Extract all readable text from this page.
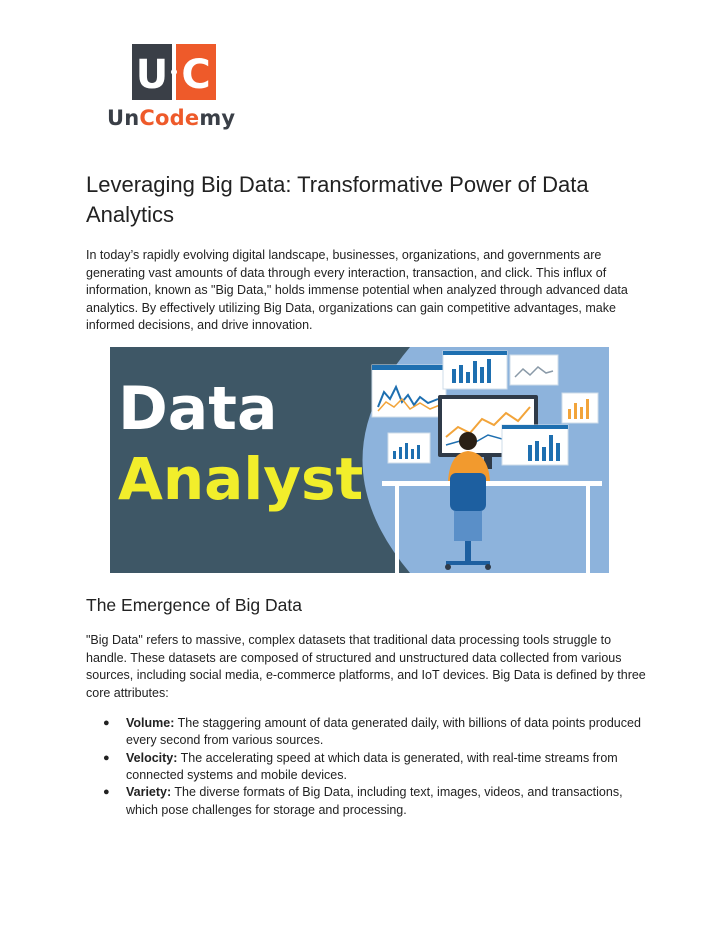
U C
UnCodemy
Leveraging Big Data: Transformative Power of Data Analytics

In today’s rapidly evolving digital landscape, businesses, organizations, and governments are generating vast amounts of data through every interaction, transaction, and click. This influx of information, known as "Big Data," holds immense potential when analyzed through advanced data analytics. By effectively utilizing Big Data, organizations can gain competitive advantages, make informed decisions, and drive innovation.

Data
Analyst
The Emergence of Big Data

"Big Data" refers to massive, complex datasets that traditional data processing tools struggle to handle. These datasets are composed of structured and unstructured data collected from various sources, including social media, e-commerce platforms, and IoT devices. Big Data is defined by three core attributes:

● Volume: The staggering amount of data generated daily, with billions of data points produced every second from various sources.
● Velocity: The accelerating speed at which data is generated, with real-time streams from connected systems and mobile devices.
● Variety: The diverse formats of Big Data, including text, images, videos, and transactions, which pose challenges for storage and processing.
